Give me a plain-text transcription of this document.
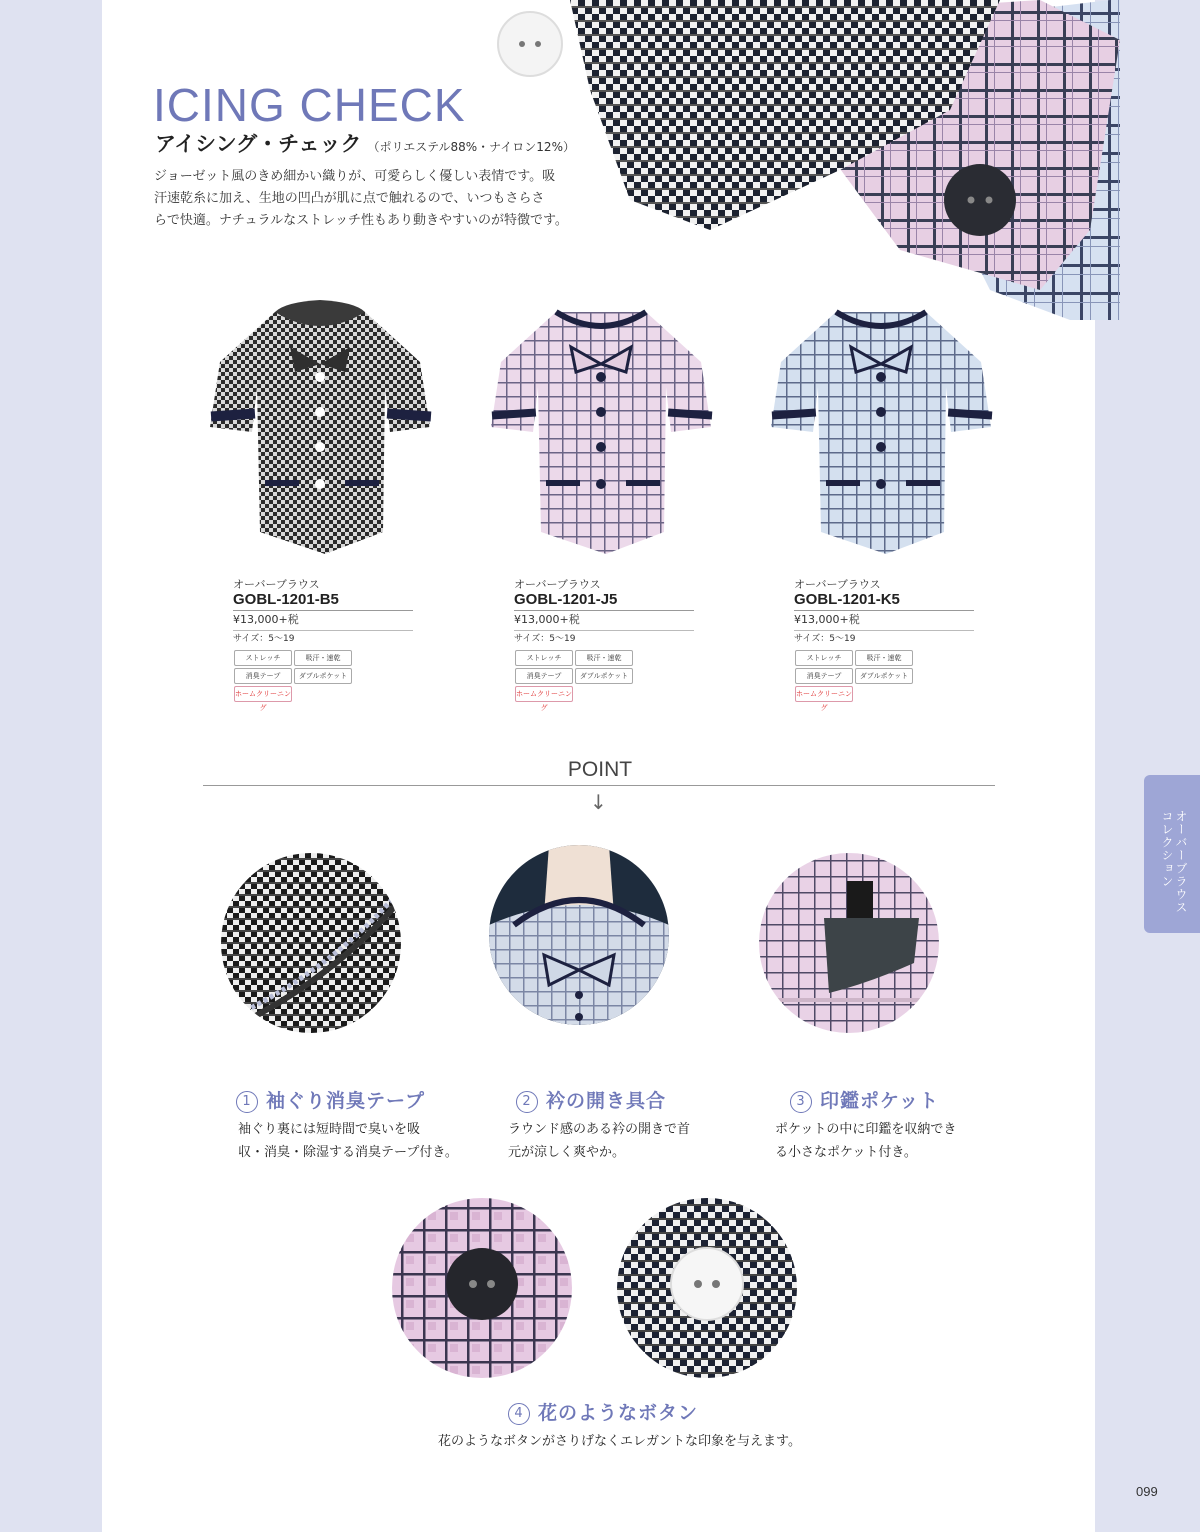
オーバーブラウス
コレクション
ICING CHECK
アイシング・チェック （ポリエステル88%・ナイロン12%）

ジョーゼット風のきめ細かい織りが、可愛らしく優しい表情です。吸
汗速乾糸に加え、生地の凹凸が肌に点で触れるので、いつもさらさ
らで快適。ナチュラルなストレッチ性もあり動きやすいのが特徴です。

オーバーブラウス
GOBL-1201-B5
¥13,000+税
サイズ：5～19
ストレッチ	吸汗・速乾
消臭テープ	ダブルポケット
ホームクリーニング
オーバーブラウス
GOBL-1201-J5
¥13,000+税
サイズ：5～19
ストレッチ	吸汗・速乾
消臭テープ	ダブルポケット
ホームクリーニング
オーバーブラウス
GOBL-1201-K5
¥13,000+税
サイズ：5～19
ストレッチ	吸汗・速乾
消臭テープ	ダブルポケット
ホームクリーニング
POINT
↓
1 袖ぐり消臭テープ

袖ぐり裏には短時間で臭いを吸
収・消臭・除湿する消臭テープ付き。

2 衿の開き具合

ラウンド感のある衿の開きで首
元が涼しく爽やか。

3 印鑑ポケット

ポケットの中に印鑑を収納でき
る小さなポケット付き。

4 花のようなボタン

花のようなボタンがさりげなくエレガントな印象を与えます。

099
